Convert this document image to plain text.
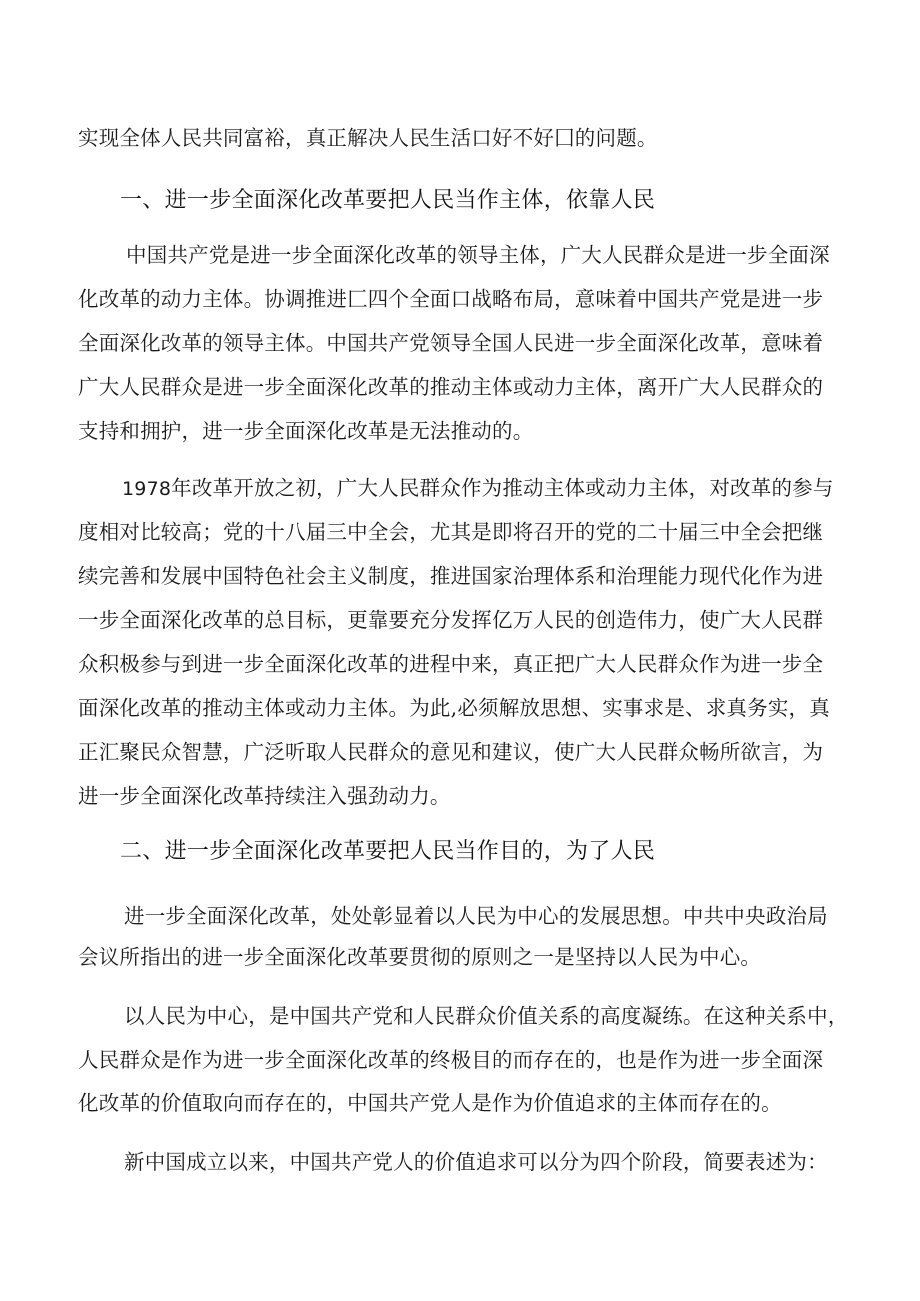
实现全体人民共同富裕，真正解决人民生活口好不好囗的问题。
一、进一步全面深化改革要把人民当作主体，依靠人民
中国共产党是进一步全面深化改革的领导主体，广大人民群众是进一步全面深
化改革的动力主体。协调推进匚四个全面口战略布局，意味着中国共产党是进一步
全面深化改革的领导主体。中国共产党领导全国人民进一步全面深化改革，意味着
广大人民群众是进一步全面深化改革的推动主体或动力主体，离开广大人民群众的
支持和拥护，进一步全面深化改革是无法推动的。
1978年改革开放之初，广大人民群众作为推动主体或动力主体，对改革的参与
度相对比较高；党的十八届三中全会，尤其是即将召开的党的二十届三中全会把继
续完善和发展中国特色社会主义制度，推进国家治理体系和治理能力现代化作为进
一步全面深化改革的总目标，更靠要充分发挥亿万人民的创造伟力，使广大人民群
众积极参与到进一步全面深化改革的进程中来，真正把广大人民群众作为进一步全
面深化改革的推动主体或动力主体。为此,必须解放思想、实事求是、求真务实，真
正汇聚民众智慧，广泛听取人民群众的意见和建议，使广大人民群众畅所欲言，为
进一步全面深化改革持续注入强劲动力。
二、进一步全面深化改革要把人民当作目的，为了人民
进一步全面深化改革，处处彰显着以人民为中心的发展思想。中共中央政治局
会议所指出的进一步全面深化改革要贯彻的原则之一是坚持以人民为中心。
以人民为中心，是中国共产党和人民群众价值关系的高度凝练。在这种关系中，
人民群众是作为进一步全面深化改革的终极目的而存在的，也是作为进一步全面深
化改革的价值取向而存在的，中国共产党人是作为价值追求的主体而存在的。
新中国成立以来，中国共产党人的价值追求可以分为四个阶段，简要表述为：
